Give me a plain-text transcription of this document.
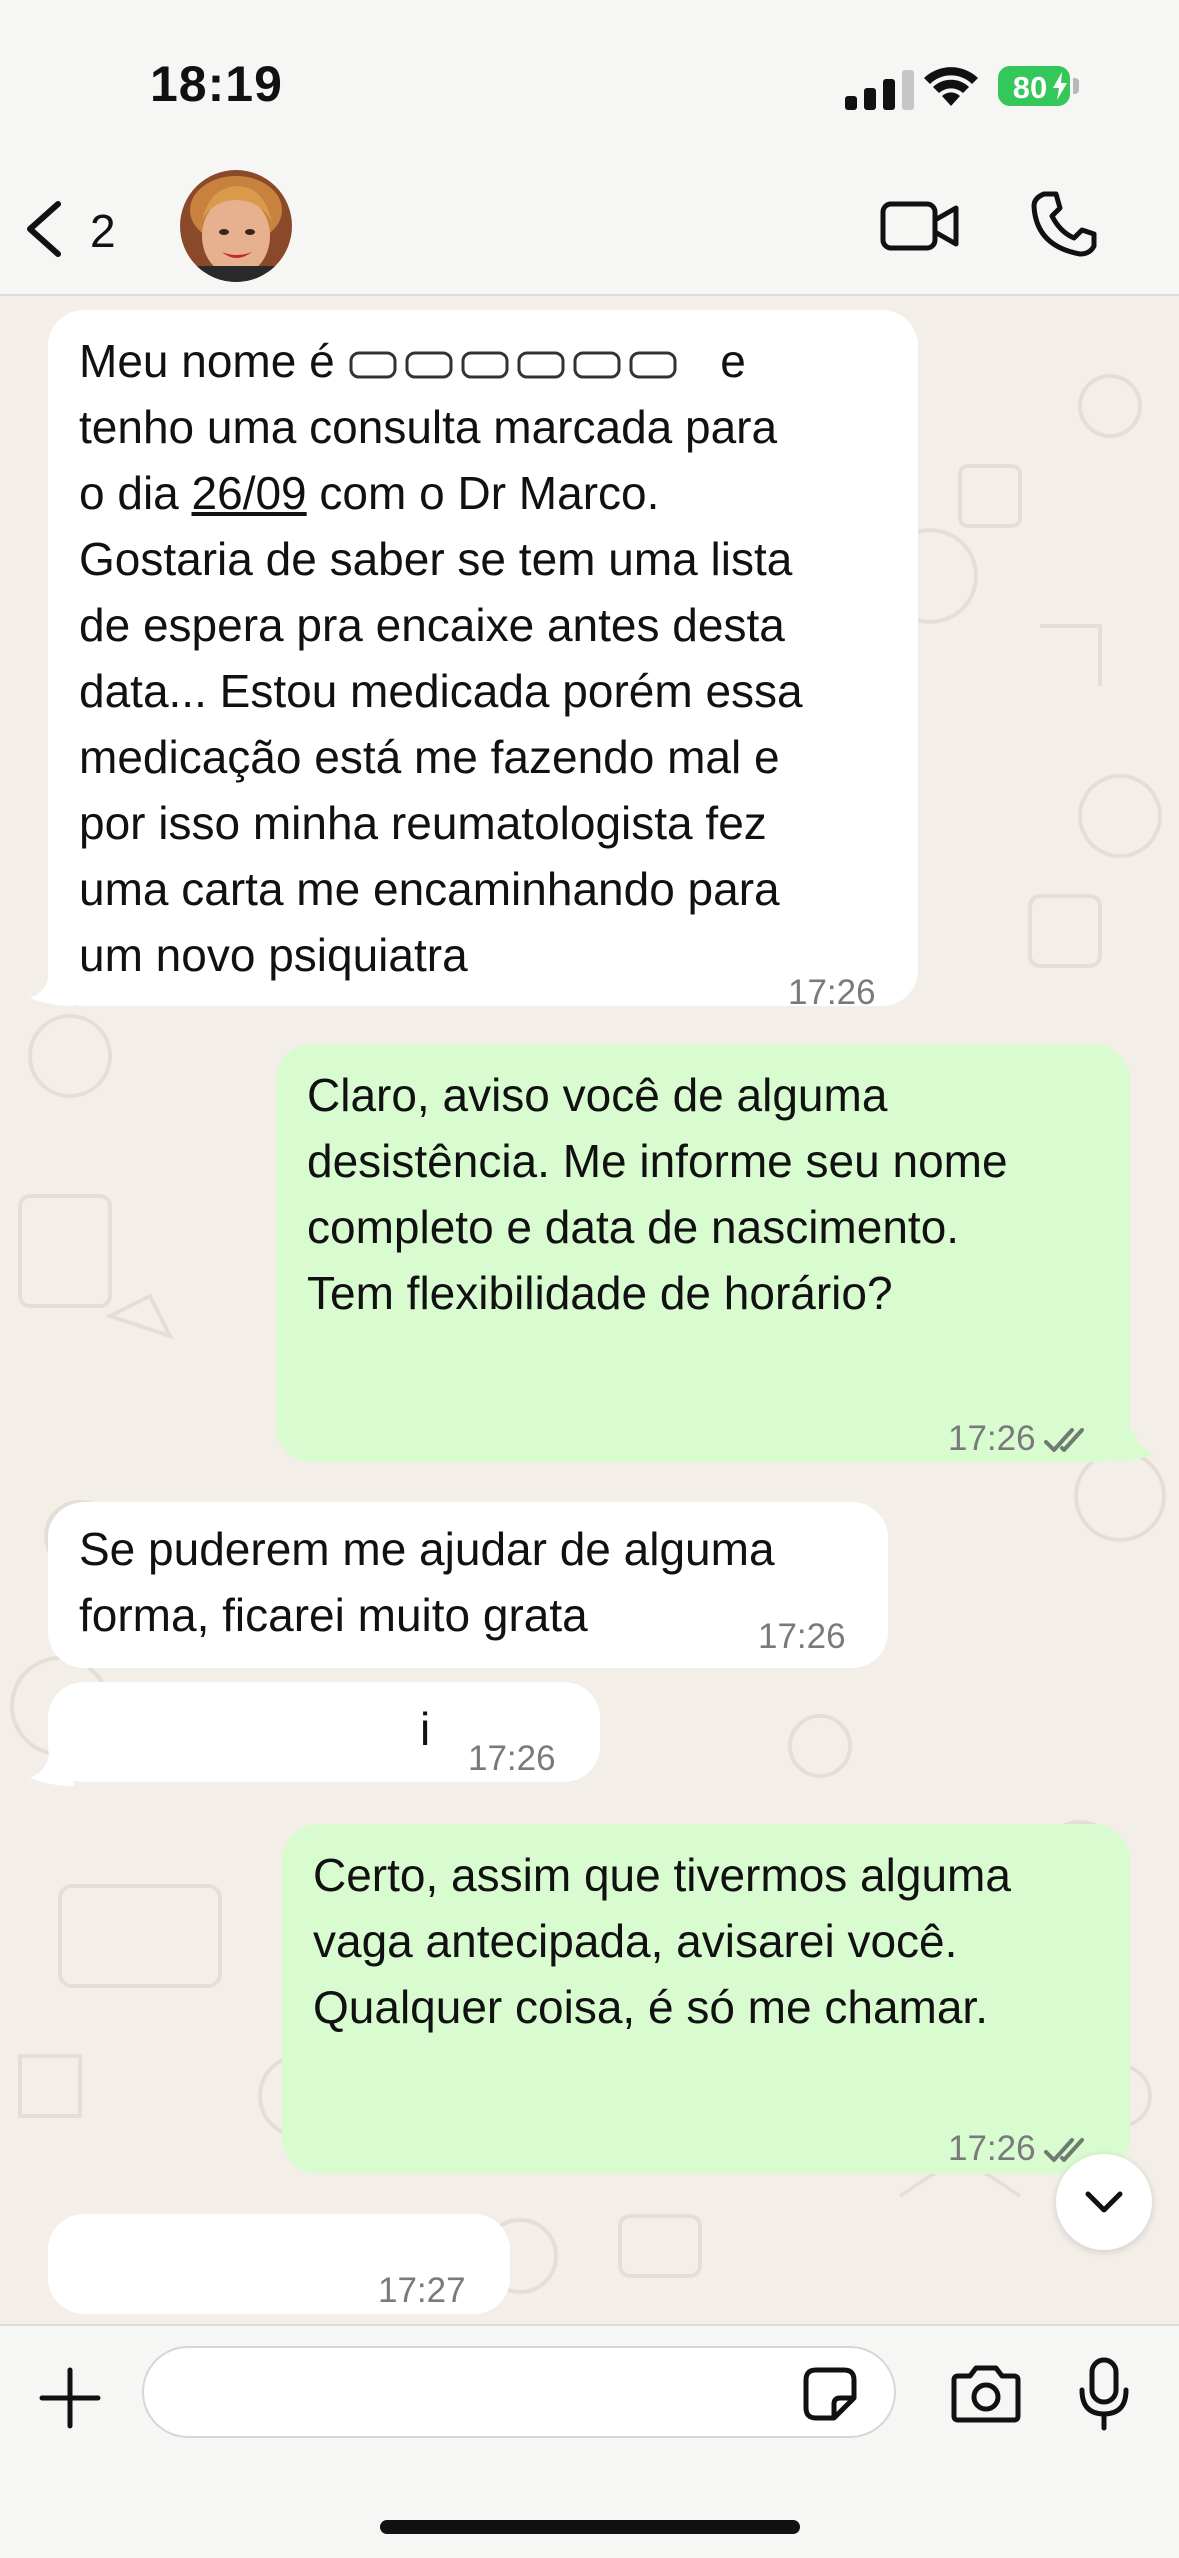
18:19	80
2
Meu nome é	e
tenho uma consulta marcada para
o dia 26/09 com o Dr Marco.
Gostaria de saber se tem uma lista
de espera pra encaixe antes desta
data... Estou medicada porém essa
medicação está me fazendo mal e
por isso minha reumatologista fez
uma carta me encaminhando para
um novo psiquiatra
17:26
Claro, aviso você de alguma
desistência. Me informe seu nome
completo e data de nascimento.
Tem flexibilidade de horário?
17:26
Se puderem me ajudar de alguma
forma, ficarei muito grata	17:26
i
17:26
Certo, assim que tivermos alguma
vaga antecipada, avisarei você.
Qualquer coisa, é só me chamar.
17:26
17:27
